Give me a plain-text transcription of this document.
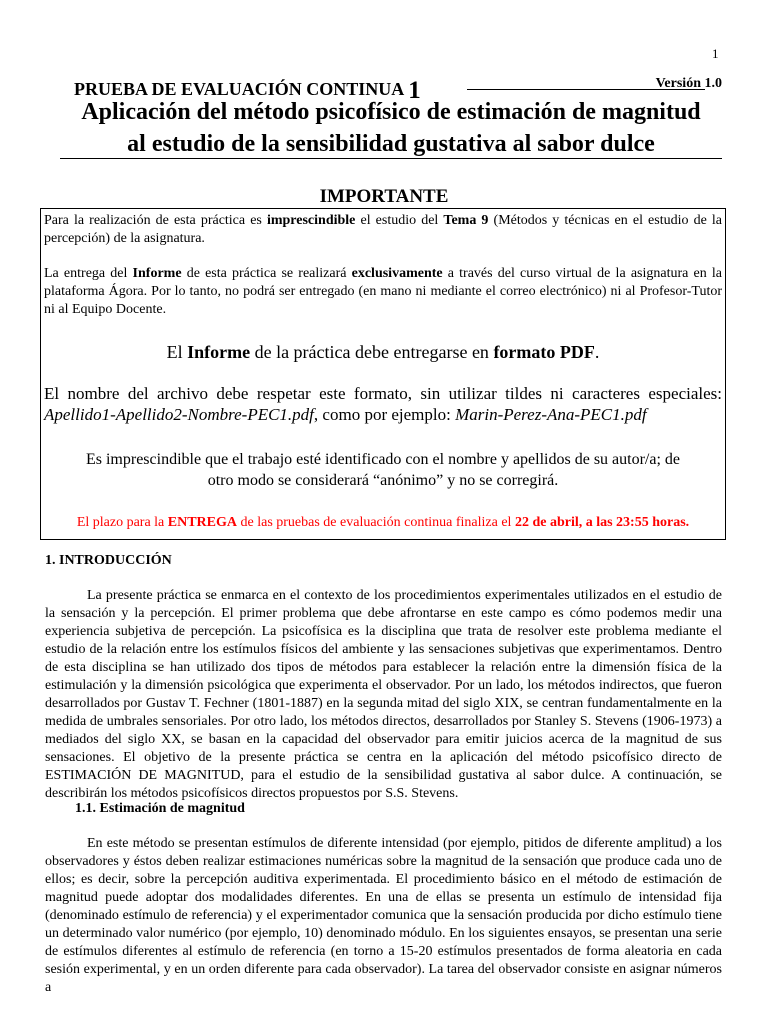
1
PRUEBA DE EVALUACIÓN CONTINUA 1	Versión 1.0
Aplicación del método psicofísico de estimación de magnitud
al estudio de la sensibilidad gustativa al sabor dulce
IMPORTANTE

Para la realización de esta práctica es imprescindible el estudio del Tema 9 (Métodos y técnicas en el estudio de la percepción) de la asignatura.

La entrega del Informe de esta práctica se realizará exclusivamente a través del curso virtual de la asignatura en la plataforma Ágora. Por lo tanto, no podrá ser entregado (en mano ni mediante el correo electrónico) ni al Profesor-Tutor ni al Equipo Docente.

El Informe de la práctica debe entregarse en formato PDF.

El nombre del archivo debe respetar este formato, sin utilizar tildes ni caracteres especiales: Apellido1-Apellido2-Nombre-PEC1.pdf, como por ejemplo: Marin-Perez-Ana-PEC1.pdf

Es imprescindible que el trabajo esté identificado con el nombre y apellidos de su autor/a; de
otro modo se considerará “anónimo” y no se corregirá.

El plazo para la ENTREGA de las pruebas de evaluación continua finaliza el 22 de abril, a las 23:55 horas.

1. INTRODUCCIÓN

La presente práctica se enmarca en el contexto de los procedimientos experimentales utilizados en el estudio de la sensación y la percepción. El primer problema que debe afrontarse en este campo es cómo podemos medir una experiencia subjetiva de percepción. La psicofísica es la disciplina que trata de resolver este problema mediante el estudio de la relación entre los estímulos físicos del ambiente y las sensaciones subjetivas que experimentamos. Dentro de esta disciplina se han utilizado dos tipos de métodos para establecer la relación entre la dimensión física de la estimulación y la dimensión psicológica que experimenta el observador. Por un lado, los métodos indirectos, que fueron desarrollados por Gustav T. Fechner (1801-1887) en la segunda mitad del siglo XIX, se centran fundamentalmente en la medida de umbrales sensoriales. Por otro lado, los métodos directos, desarrollados por Stanley S. Stevens (1906-1973) a mediados del siglo XX, se basan en la capacidad del observador para emitir juicios acerca de la magnitud de sus sensaciones. El objetivo de la presente práctica se centra en la aplicación del método psicofísico directo de ESTIMACIÓN DE MAGNITUD, para el estudio de la sensibilidad gustativa al sabor dulce. A continuación, se describirán los métodos psicofísicos directos propuestos por S.S. Stevens.

1.1. Estimación de magnitud

En este método se presentan estímulos de diferente intensidad (por ejemplo, pitidos de diferente amplitud) a los observadores y éstos deben realizar estimaciones numéricas sobre la magnitud de la sensación que produce cada uno de ellos; es decir, sobre la percepción auditiva experimentada. El procedimiento básico en el método de estimación de magnitud puede adoptar dos modalidades diferentes. En una de ellas se presenta un estímulo de intensidad fija (denominado estímulo de referencia) y el experimentador comunica que la sensación producida por dicho estímulo tiene un determinado valor numérico (por ejemplo, 10) denominado módulo. En los siguientes ensayos, se presentan una serie de estímulos diferentes al estímulo de referencia (en torno a 15-20 estímulos presentados de forma aleatoria en cada sesión experimental, y en un orden diferente para cada observador). La tarea del observador consiste en asignar números a
